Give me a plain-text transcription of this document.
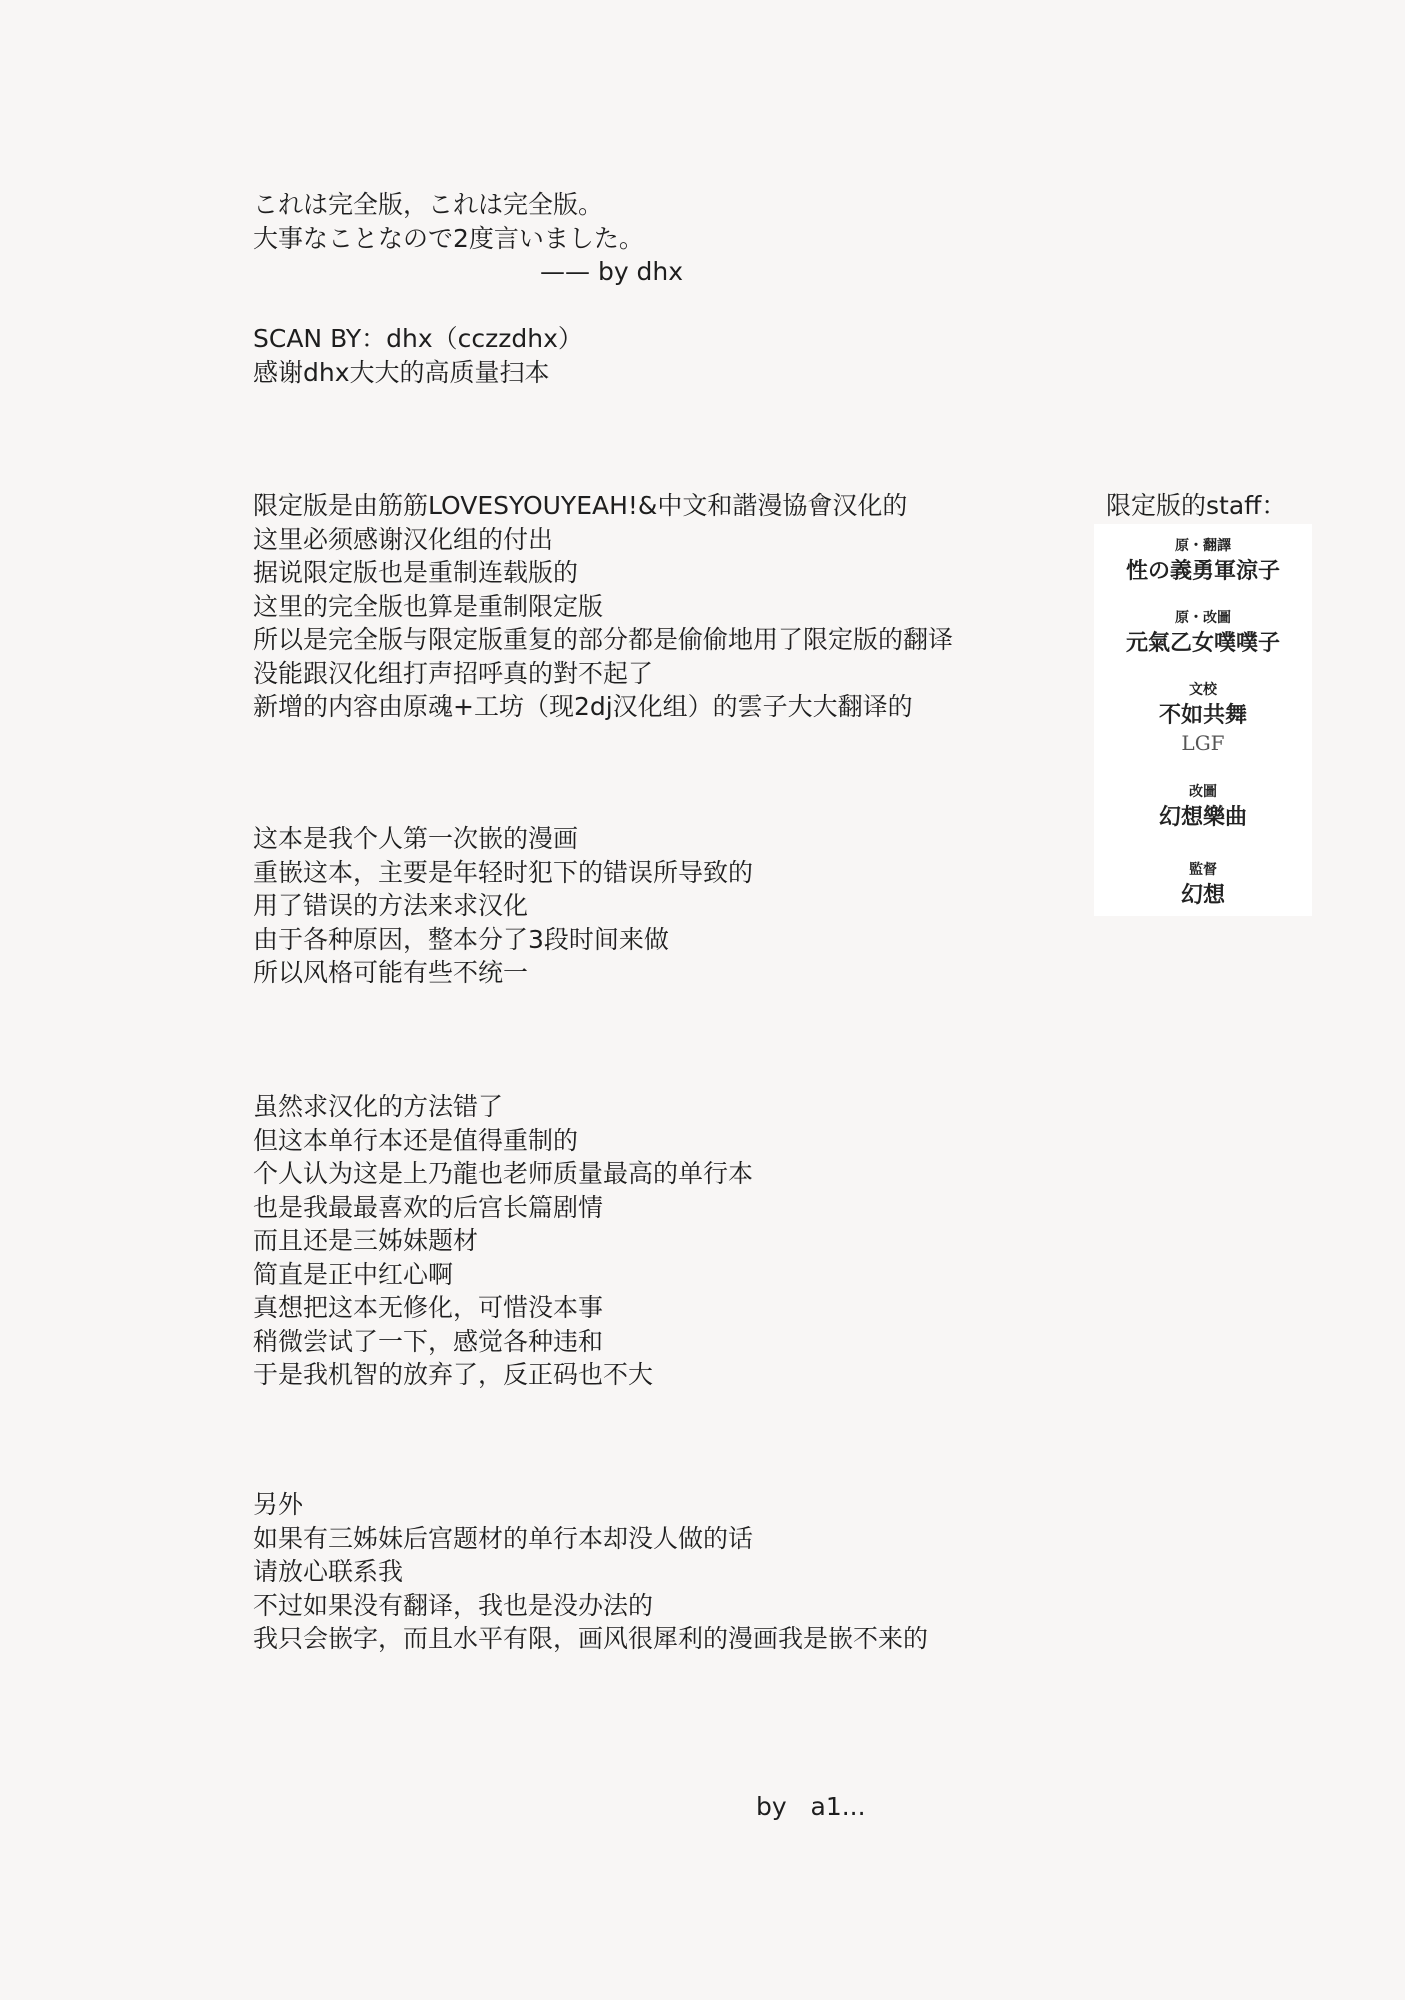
これは完全版，これは完全版。
大事なことなので2度言いました。
—— by dhx
SCAN BY：dhx（cczzdhx）
感谢dhx大大的高质量扫本
限定版是由筋筋LOVESYOUYEAH!&中文和諧漫協會汉化的
这里必须感谢汉化组的付出
据说限定版也是重制连载版的
这里的完全版也算是重制限定版
所以是完全版与限定版重复的部分都是偷偷地用了限定版的翻译
没能跟汉化组打声招呼真的對不起了
新增的内容由原魂+工坊（现2dj汉化组）的雲子大大翻译的
这本是我个人第一次嵌的漫画
重嵌这本，主要是年轻时犯下的错误所导致的
用了错误的方法来求汉化
由于各种原因，整本分了3段时间来做
所以风格可能有些不统一
虽然求汉化的方法错了
但这本单行本还是值得重制的
个人认为这是上乃龍也老师质量最高的单行本
也是我最最喜欢的后宫长篇剧情
而且还是三姊妹题材
简直是正中红心啊
真想把这本无修化，可惜没本事
稍微尝试了一下，感觉各种违和
于是我机智的放弃了，反正码也不大
另外
如果有三姊妹后宫题材的单行本却没人做的话
请放心联系我
不过如果没有翻译，我也是没办法的
我只会嵌字，而且水平有限，画风很犀利的漫画我是嵌不来的
限定版的staff：
原・翻譯
性の義勇軍涼子
原・改圖
元氣乙女噗噗子
文校
不如共舞
LGF
改圖
幻想樂曲
監督
幻想
by   a1...
